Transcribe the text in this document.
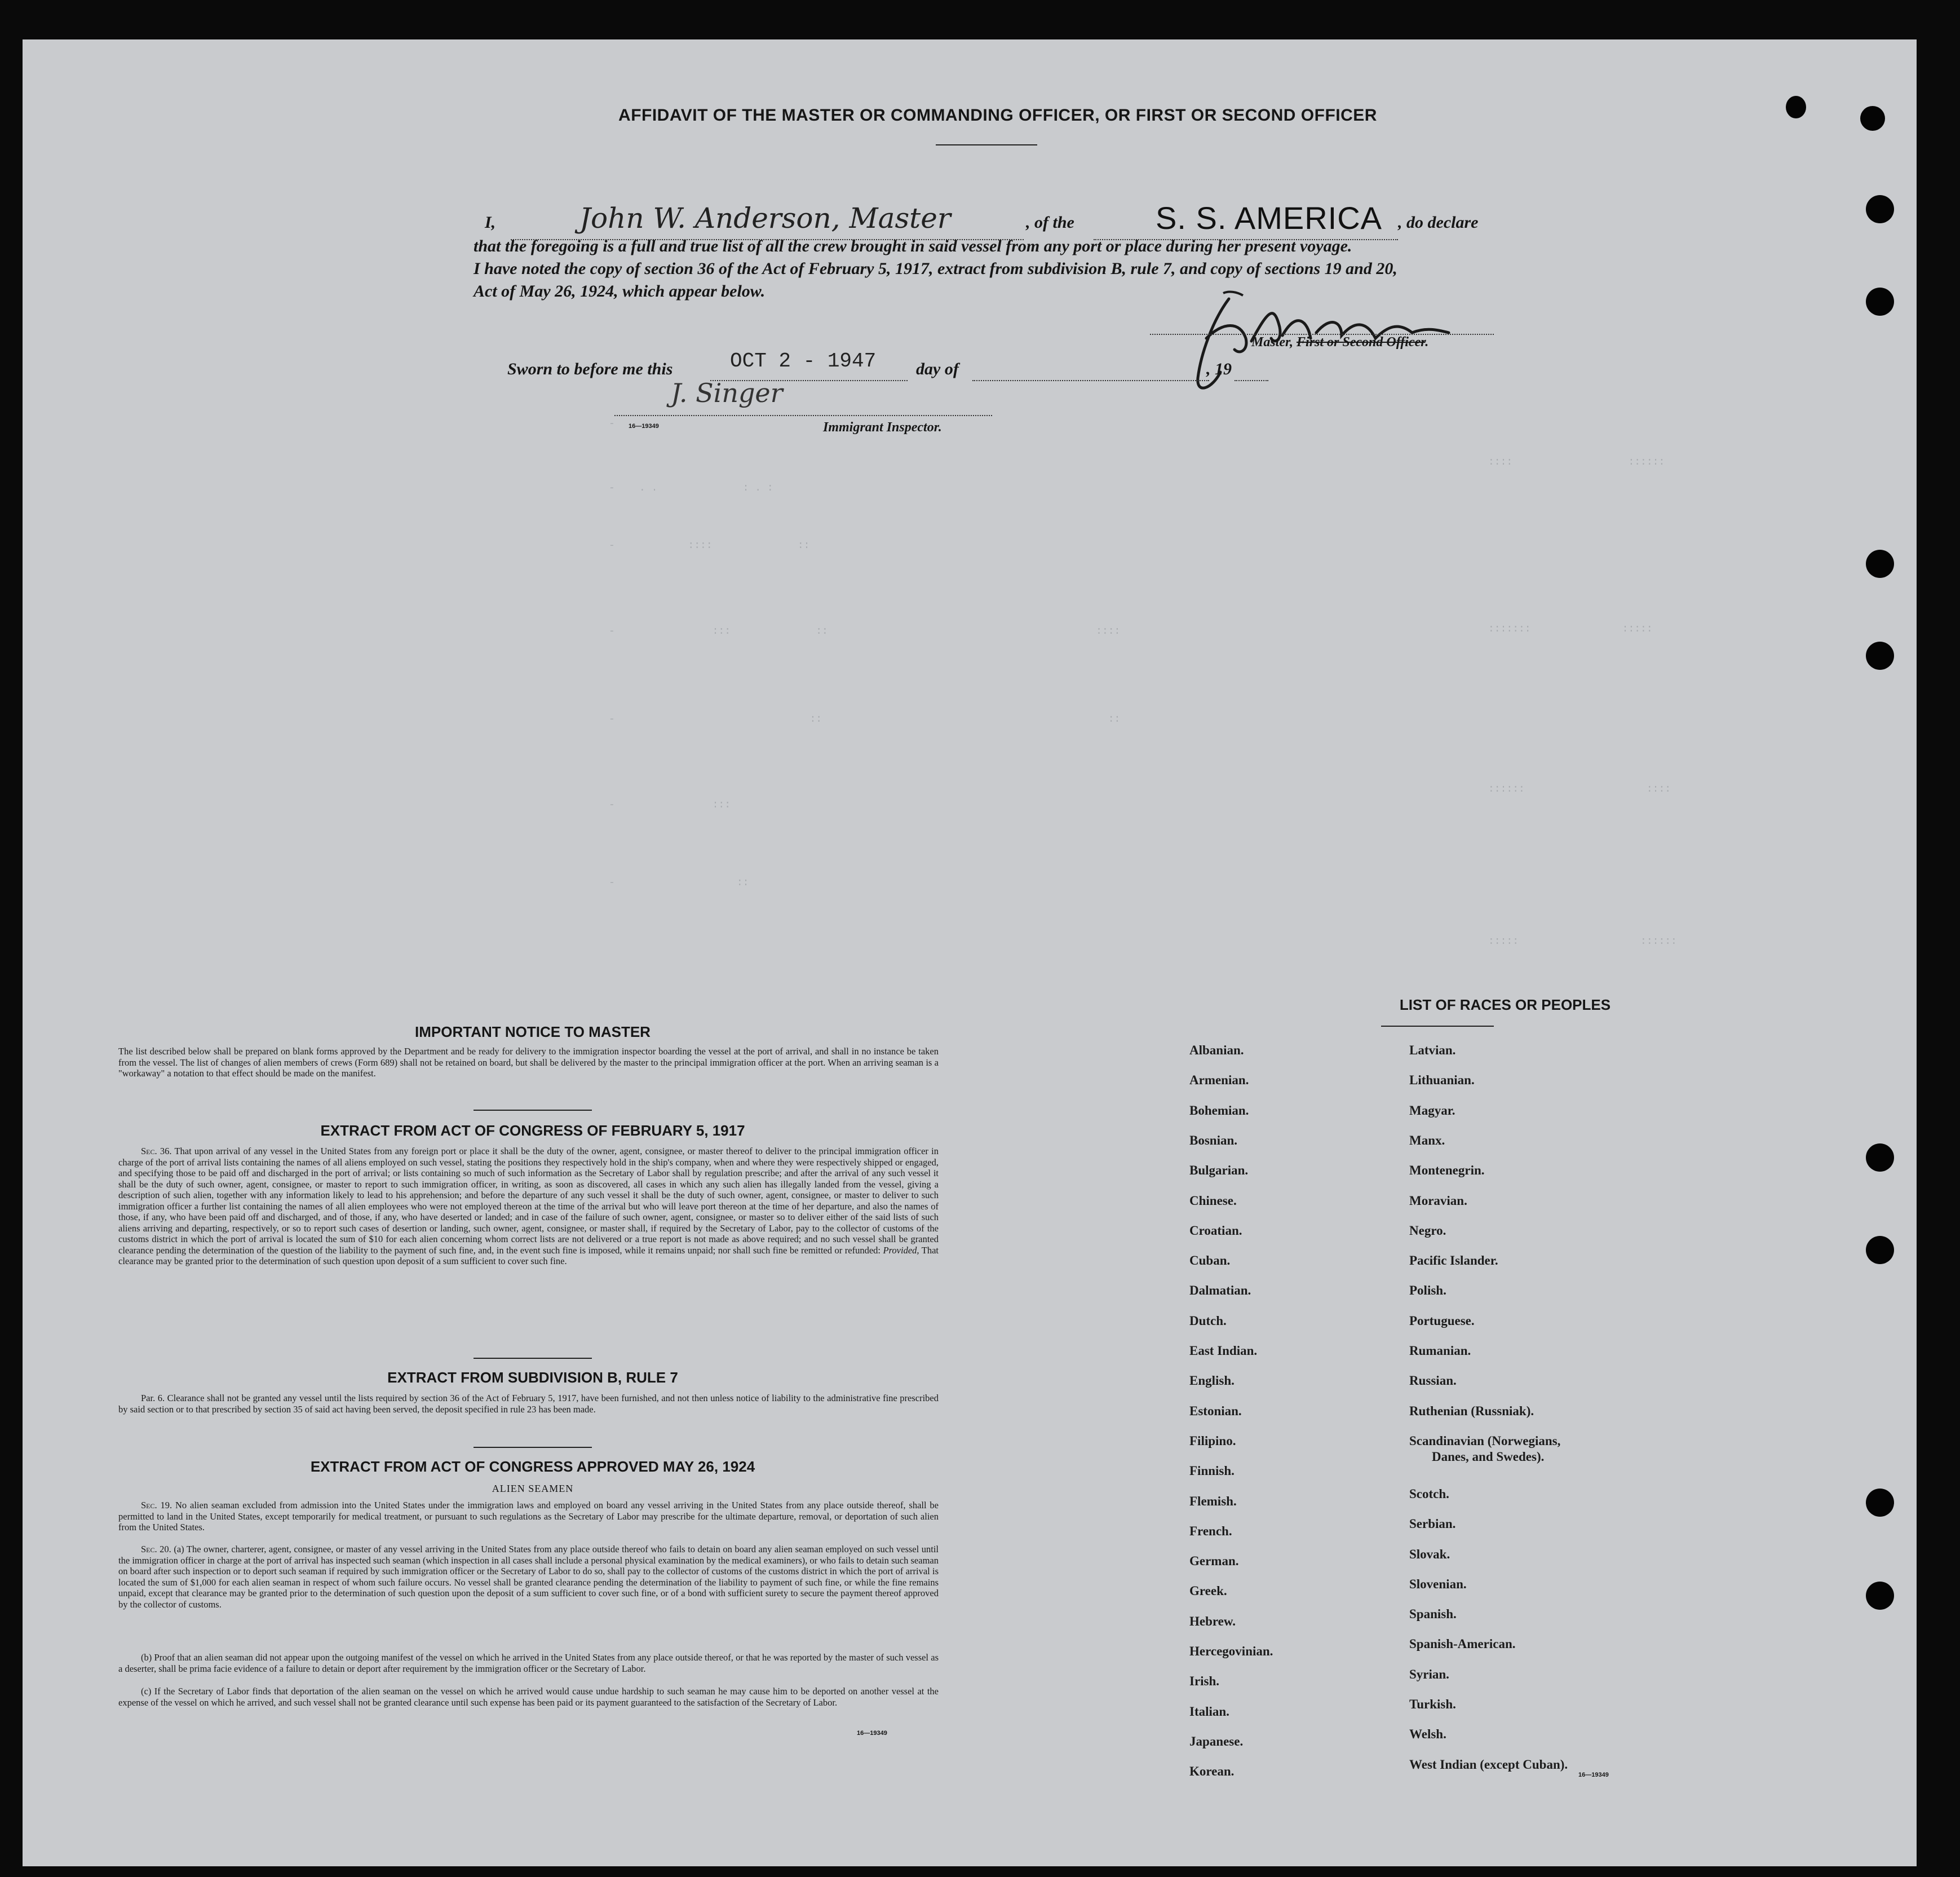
-
-    . .              : . :
-            ::::              ::
-                :::              ::                                            ::::
-                                ::                                               ::
-                :::
-                    ::
::::                   ::::::
:::::::               :::::
::::::                    ::::
:::::                    ::::::
AFFIDAVIT OF THE MASTER OR COMMANDING OFFICER, OR FIRST OR SECOND OFFICER
I,	John W. Anderson, Master	, of the	S. S. AMERICA , do declare
that the foregoing is a full and true list of all the crew brought in said vessel from any port or place during her present voyage.
I have noted the copy of section 36 of the Act of February 5, 1917, extract from subdivision B, rule 7, and copy of sections 19 and 20,
Act of May 26, 1924, which appear below.
Master, First or Second Officer.
Sworn to before me this	OCT 2 - 1947 day of	, 19
J. Singer
16—19349	Immigrant Inspector.
IMPORTANT NOTICE TO MASTER
The list described below shall be prepared on blank forms approved by the Department and be ready for delivery to the immigration inspector boarding the vessel at the port of arrival, and shall in no instance be taken from the vessel. The list of changes of alien members of crews (Form 689) shall not be retained on board, but shall be delivered by the master to the principal immigration officer at the port. When an arriving seaman is a "workaway" a notation to that effect should be made on the manifest.
EXTRACT FROM ACT OF CONGRESS OF FEBRUARY 5, 1917
Sec. 36. That upon arrival of any vessel in the United States from any foreign port or place it shall be the duty of the owner, agent, consignee, or master thereof to deliver to the principal immigration officer in charge of the port of arrival lists containing the names of all aliens employed on such vessel, stating the positions they respectively hold in the ship's company, when and where they were respectively shipped or engaged, and specifying those to be paid off and discharged in the port of arrival; or lists containing so much of such information as the Secretary of Labor shall by regulation prescribe; and after the arrival of any such vessel it shall be the duty of such owner, agent, consignee, or master to report to such immigration officer, in writing, as soon as discovered, all cases in which any such alien has illegally landed from the vessel, giving a description of such alien, together with any information likely to lead to his apprehension; and before the departure of any such vessel it shall be the duty of such owner, agent, consignee, or master to deliver to such immigration officer a further list containing the names of all alien employees who were not employed thereon at the time of the arrival but who will leave port thereon at the time of her departure, and also the names of those, if any, who have been paid off and discharged, and of those, if any, who have deserted or landed; and in case of the failure of such owner, agent, consignee, or master so to deliver either of the said lists of such aliens arriving and departing, respectively, or so to report such cases of desertion or landing, such owner, agent, consignee, or master shall, if required by the Secretary of Labor, pay to the collector of customs of the customs district in which the port of arrival is located the sum of $10 for each alien concerning whom correct lists are not delivered or a true report is not made as above required; and no such vessel shall be granted clearance pending the determination of the question of the liability to the payment of such fine, and, in the event such fine is imposed, while it remains unpaid; nor shall such fine be remitted or refunded: Provided, That clearance may be granted prior to the determination of such question upon deposit of a sum sufficient to cover such fine.
EXTRACT FROM SUBDIVISION B, RULE 7
Par. 6. Clearance shall not be granted any vessel until the lists required by section 36 of the Act of February 5, 1917, have been furnished, and not then unless notice of liability to the administrative fine prescribed by said section or to that prescribed by section 35 of said act having been served, the deposit specified in rule 23 has been made.
EXTRACT FROM ACT OF CONGRESS APPROVED MAY 26, 1924
ALIEN SEAMEN
Sec. 19. No alien seaman excluded from admission into the United States under the immigration laws and employed on board any vessel arriving in the United States from any place outside thereof, shall be permitted to land in the United States, except temporarily for medical treatment, or pursuant to such regulations as the Secretary of Labor may prescribe for the ultimate departure, removal, or deportation of such alien from the United States.
Sec. 20. (a) The owner, charterer, agent, consignee, or master of any vessel arriving in the United States from any place outside thereof who fails to detain on board any alien seaman employed on such vessel until the immigration officer in charge at the port of arrival has inspected such seaman (which inspection in all cases shall include a personal physical examination by the medical examiners), or who fails to detain such seaman on board after such inspection or to deport such seaman if required by such immigration officer or the Secretary of Labor to do so, shall pay to the collector of customs of the customs district in which the port of arrival is located the sum of $1,000 for each alien seaman in respect of whom such failure occurs. No vessel shall be granted clearance pending the determination of the liability to payment of such fine, or while the fine remains unpaid, except that clearance may be granted prior to the determination of such question upon the deposit of a sum sufficient to cover such fine, or of a bond with sufficient surety to secure the payment thereof approved by the collector of customs.
(b) Proof that an alien seaman did not appear upon the outgoing manifest of the vessel on which he arrived in the United States from any place outside thereof, or that he was reported by the master of such vessel as a deserter, shall be prima facie evidence of a failure to detain or deport after requirement by the immigration officer or the Secretary of Labor.
(c) If the Secretary of Labor finds that deportation of the alien seaman on the vessel on which he arrived would cause undue hardship to such seaman he may cause him to be deported on another vessel at the expense of the vessel on which he arrived, and such vessel shall not be granted clearance until such expense has been paid or its payment guaranteed to the satisfaction of the Secretary of Labor.
16—19349
LIST OF RACES OR PEOPLES
Albanian.
Armenian.
Bohemian.
Bosnian.
Bulgarian.
Chinese.
Croatian.
Cuban.
Dalmatian.
Dutch.
East Indian.
English.
Estonian.
Filipino.
Finnish.
Flemish.
French.
German.
Greek.
Hebrew.
Hercegovinian.
Irish.
Italian.
Japanese.
Korean.
Latvian.
Lithuanian.
Magyar.
Manx.
Montenegrin.
Moravian.
Negro.
Pacific Islander.
Polish.
Portuguese.
Rumanian.
Russian.
Ruthenian (Russniak).
Scandinavian (Norwegians,
Danes, and Swedes).
Scotch.
Serbian.
Slovak.
Slovenian.
Spanish.
Spanish-American.
Syrian.
Turkish.
Welsh.
West Indian (except Cuban).
16—19349
